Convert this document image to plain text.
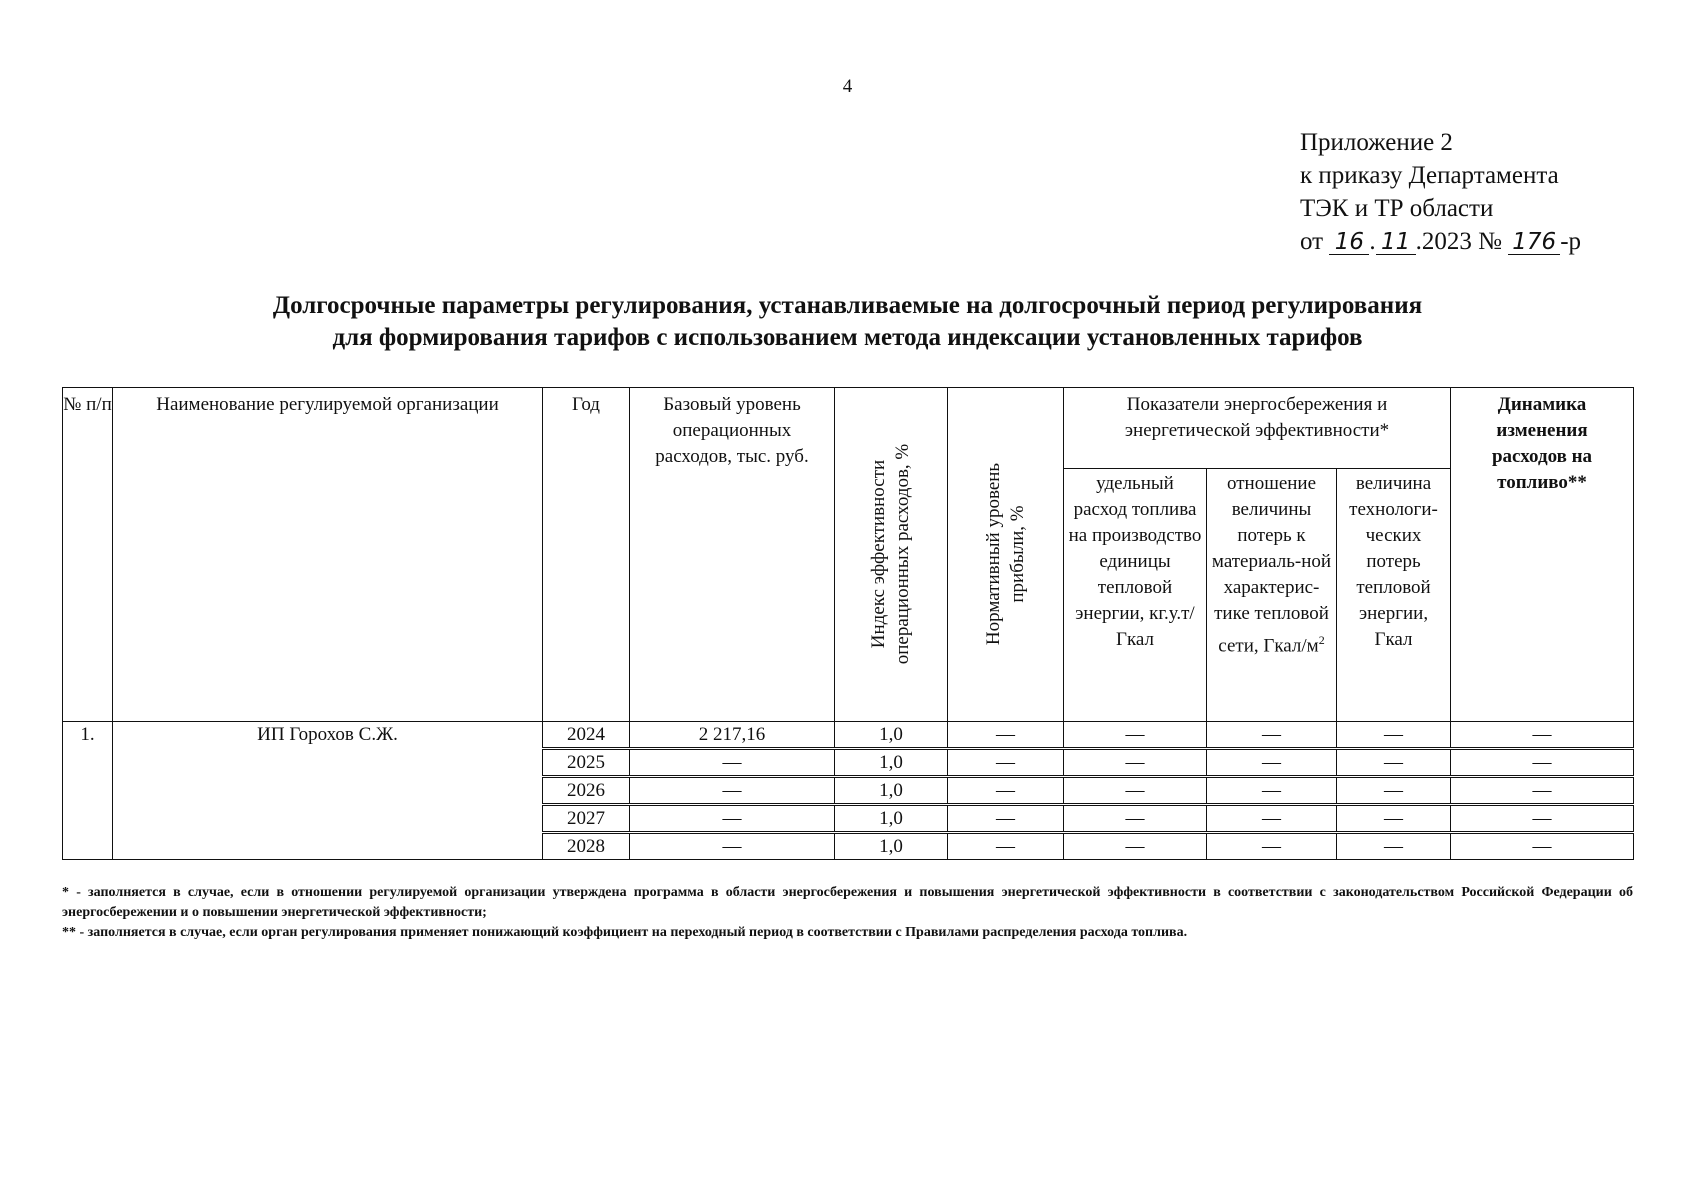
4
Приложение 2
к приказу Департамента
ТЭК и ТР области
от 16 . 11 .2023 № 176 -р
Долгосрочные параметры регулирования, устанавливаемые на долгосрочный период регулирования
для формирования тарифов с использованием метода индексации установленных тарифов
№ п/п	Наименование регулируемой организации	Год	Базовый уровень операционных расходов, тыс. руб.	Индекс эффективности операционных расходов, %	Нормативный уровень прибыли, %	Показатели энергосбережения и энергетической эффективности*			Динамика изменения расходов на топливо**

						удельный расход топлива на производство единицы тепловой энергии, кг.у.т/Гкал	отношение величины потерь к материаль-ной характерис-тике тепловой сети, Гкал/$м^2$	величина технологи-ческих потерь тепловой энергии, Гкал	

1.	ИП Горохов С.Ж.	2024	2 217,16	1,0	—	—	—	—	—
		2025	—	1,0	—	—	—	—	—
		2026	—	1,0	—	—	—	—	—
		2027	—	1,0	—	—	—	—	—
		2028	—	1,0	—	—	—	—	—

* - заполняется в случае, если в отношении регулируемой организации утверждена программа в области энергосбережения и повышения энергетической эффективности в соответствии с законодательством Российской Федерации об энергосбережении и о повышении энергетической эффективности;

** - заполняется в случае, если орган регулирования применяет понижающий коэффициент на переходный период в соответствии с Правилами распределения расхода топлива.
